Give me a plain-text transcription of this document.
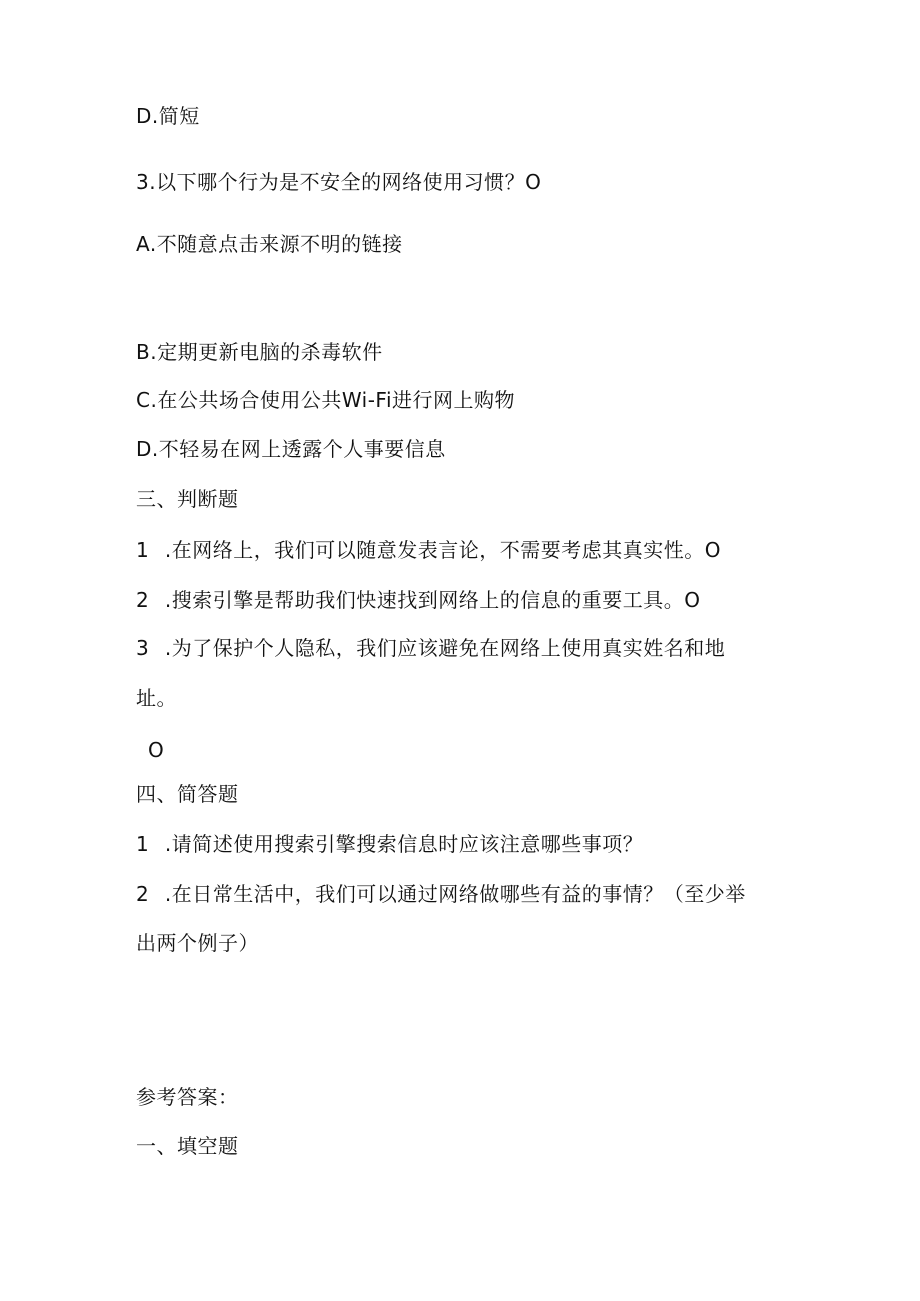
D.简短
3.以下哪个行为是不安全的网络使用习惯？O
A.不随意点击来源不明的链接
B.定期更新电脑的杀毒软件
C.在公共场合使用公共Wi-Fi进行网上购物
D.不轻易在网上透露个人事要信息
三、判断题
1 .在网络上，我们可以随意发表言论，不需要考虑其真实性。O
2 .搜索引擎是帮助我们快速找到网络上的信息的重要工具。O
3 .为了保护个人隐私，我们应该避免在网络上使用真实姓名和地
址。
O
四、简答题
1 .请简述使用搜索引擎搜索信息时应该注意哪些事项？
2 .在日常生活中，我们可以通过网络做哪些有益的事情？（至少举
出两个例子）
参考答案：
一、填空题
